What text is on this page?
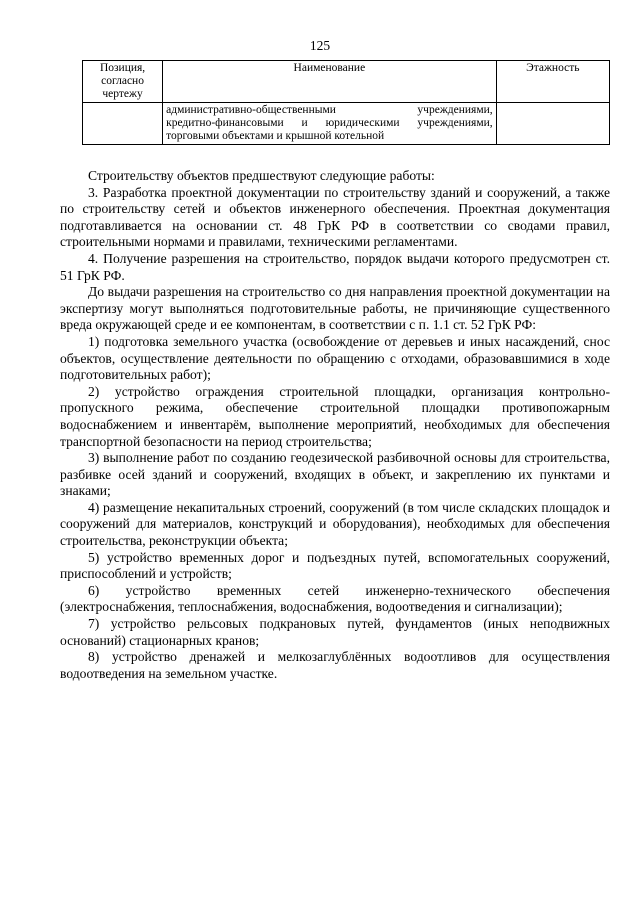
125
Позиция, согласно чертежу	Наименование	Этажность

	административно-общественными учреждениями,
кредитно-финансовыми и юридическими учреждениями,
торговыми объектами и крышной котельной	

Строительству объектов предшествуют следующие работы:

3. Разработка проектной документации по строительству зданий и сооружений, а также по строительству сетей и объектов инженерного обеспечения. Проектная документация подготавливается на основании ст. 48 ГрК РФ в соответствии со сводами правил, строительными нормами и правилами, техническими регламентами.

4. Получение разрешения на строительство, порядок выдачи которого предусмотрен ст. 51 ГрК РФ.

До выдачи разрешения на строительство со дня направления проектной документации на экспертизу могут выполняться подготовительные работы, не причиняющие существенного вреда окружающей среде и ее компонентам, в соответствии с п. 1.1 ст. 52 ГрК РФ:

1) подготовка земельного участка (освобождение от деревьев и иных насаждений, снос объектов, осуществление деятельности по обращению с отходами, образовавшимися в ходе подготовительных работ);

2) устройство ограждения строительной площадки, организация контрольно-пропускного режима, обеспечение строительной площадки противопожарным водоснабжением и инвентарём, выполнение мероприятий, необходимых для обеспечения транспортной безопасности на период строительства;

3) выполнение работ по созданию геодезической разбивочной основы для строительства, разбивке осей зданий и сооружений, входящих в объект, и закреплению их пунктами и знаками;

4) размещение некапитальных строений, сооружений (в том числе складских площадок и сооружений для материалов, конструкций и оборудования), необходимых для обеспечения строительства, реконструкции объекта;

5) устройство временных дорог и подъездных путей, вспомогательных сооружений, приспособлений и устройств;

6) устройство временных сетей инженерно-технического обеспечения (электроснабжения, теплоснабжения, водоснабжения, водоотведения и сигнализации);

7) устройство рельсовых подкрановых путей, фундаментов (иных неподвижных оснований) стационарных кранов;

8) устройство дренажей и мелкозаглублённых водоотливов для осуществления водоотведения на земельном участке.
